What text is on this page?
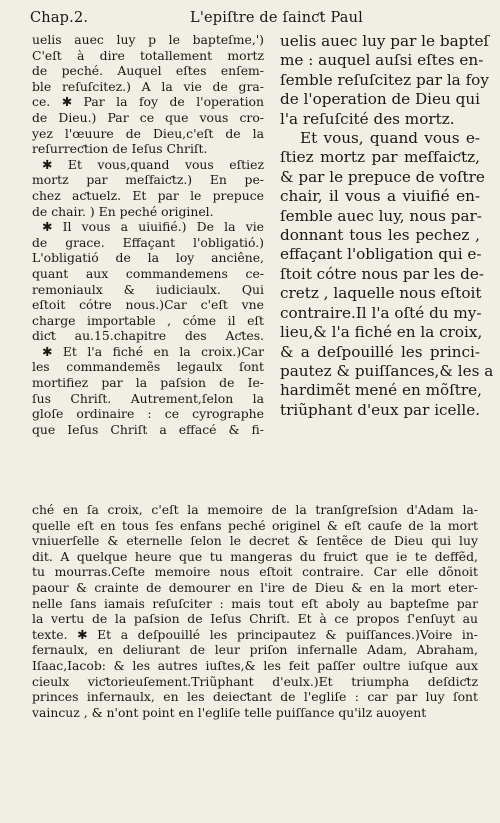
Chap.2.	L'epiſtre de ſainƈt Paul
uelis auec luy p le bapteſme,')
C'eſt à dire totallement mortz
de peché. Auquel eſtes enſem-
ble reſuſcitez.) A la vie de gra-
ce. ✱ Par la foy de l'operation
de Dieu.) Par ce que vous cro-
yez l'œuure de Dieu,c'eſt de la
reſurreƈtion de Ieſus Chriſt.
✱ Et vous,quand vous eſtiez
mortz par meſfaiƈtz.) En pe-
chez aƈtuelz. Et par le prepuce
de chair. ) En peché originel.
✱ Il vous a uiuifié.) De la vie
de grace. Effaçant l'obligatió.)
L'obligatió de la loy anciêne,
quant aux commandemens ce-
remoniaulx & iudiciaulx. Qui
eſtoit cótre nous.)Car c'eſt vne
charge importable , cóme il eſt
diƈt au.15.chapitre des Aƈtes.
✱ Et l'a fiché en la croix.)Car
les commandemẽs legaulx ſont
mortifiez par la paſsion de Ie-
ſus Chriſt. Autrement,ſelon la
gloſe ordinaire : ce cyrographe
que Ieſus Chriſt a effacé & fi-
uelis auec luy par le bapteſ
me : auquel auſsi eſtes en-
ſemble reſuſcitez par la foy
de l'operation de Dieu qui
l'a reſuſcité des mortz.
Et vous, quand vous e-
ſtiez mortz par meſfaiƈtz,
& par le prepuce de voſtre
chair, il vous a viuifié en-
ſemble auec luy, nous par-
donnant tous les pechez ,
effaçant l'obligation qui e-
ſtoit cótre nous par les de-
cretz , laquelle nous eſtoit
contraire.Il l'a oſté du my-
lieu,& l'a fiché en la croix,
& a deſpouillé les princi-
pautez & puiſſances,& les a
hardimẽt mené en mõſtre,
triũphant d'eux par icelle.
ché en ſa croix, c'eſt la memoire de la tranſgreſsion d'Adam la-
quelle eſt en tous ſes enfans peché originel & eſt cauſe de la mort
vniuerſelle & eternelle ſelon le decret & ſentẽce de Dieu qui luy
dit. A quelque heure que tu mangeras du fruiƈt que ie te deffẽd,
tu mourras.Ceſte memoire nous eſtoit contraire. Car elle dõnoit
paour & crainte de demourer en l'ire de Dieu & en la mort eter-
nelle ſans iamais reſuſciter : mais tout eſt aboly au bapteſme par
la vertu de la paſsion de Ieſus Chriſt. Et à ce propos ſ'enſuyt au
texte. ✱ Et a deſpouillé les principautez & puiſſances.)Voire in-
fernaulx, en deliurant de leur priſon infernalle Adam, Abraham,
Iſaac,Iacob: & les autres iuſtes,& les feit paſſer oultre iuſque aux
cieulx viƈtorieuſement.Triũphant d'eulx.)Et triumpha deſdiƈtz
princes infernaulx, en les deieƈtant de l'egliſe : car par luy ſont
vaincuz , & n'ont point en l'egliſe telle puiſſance qu'ilz auoyent
